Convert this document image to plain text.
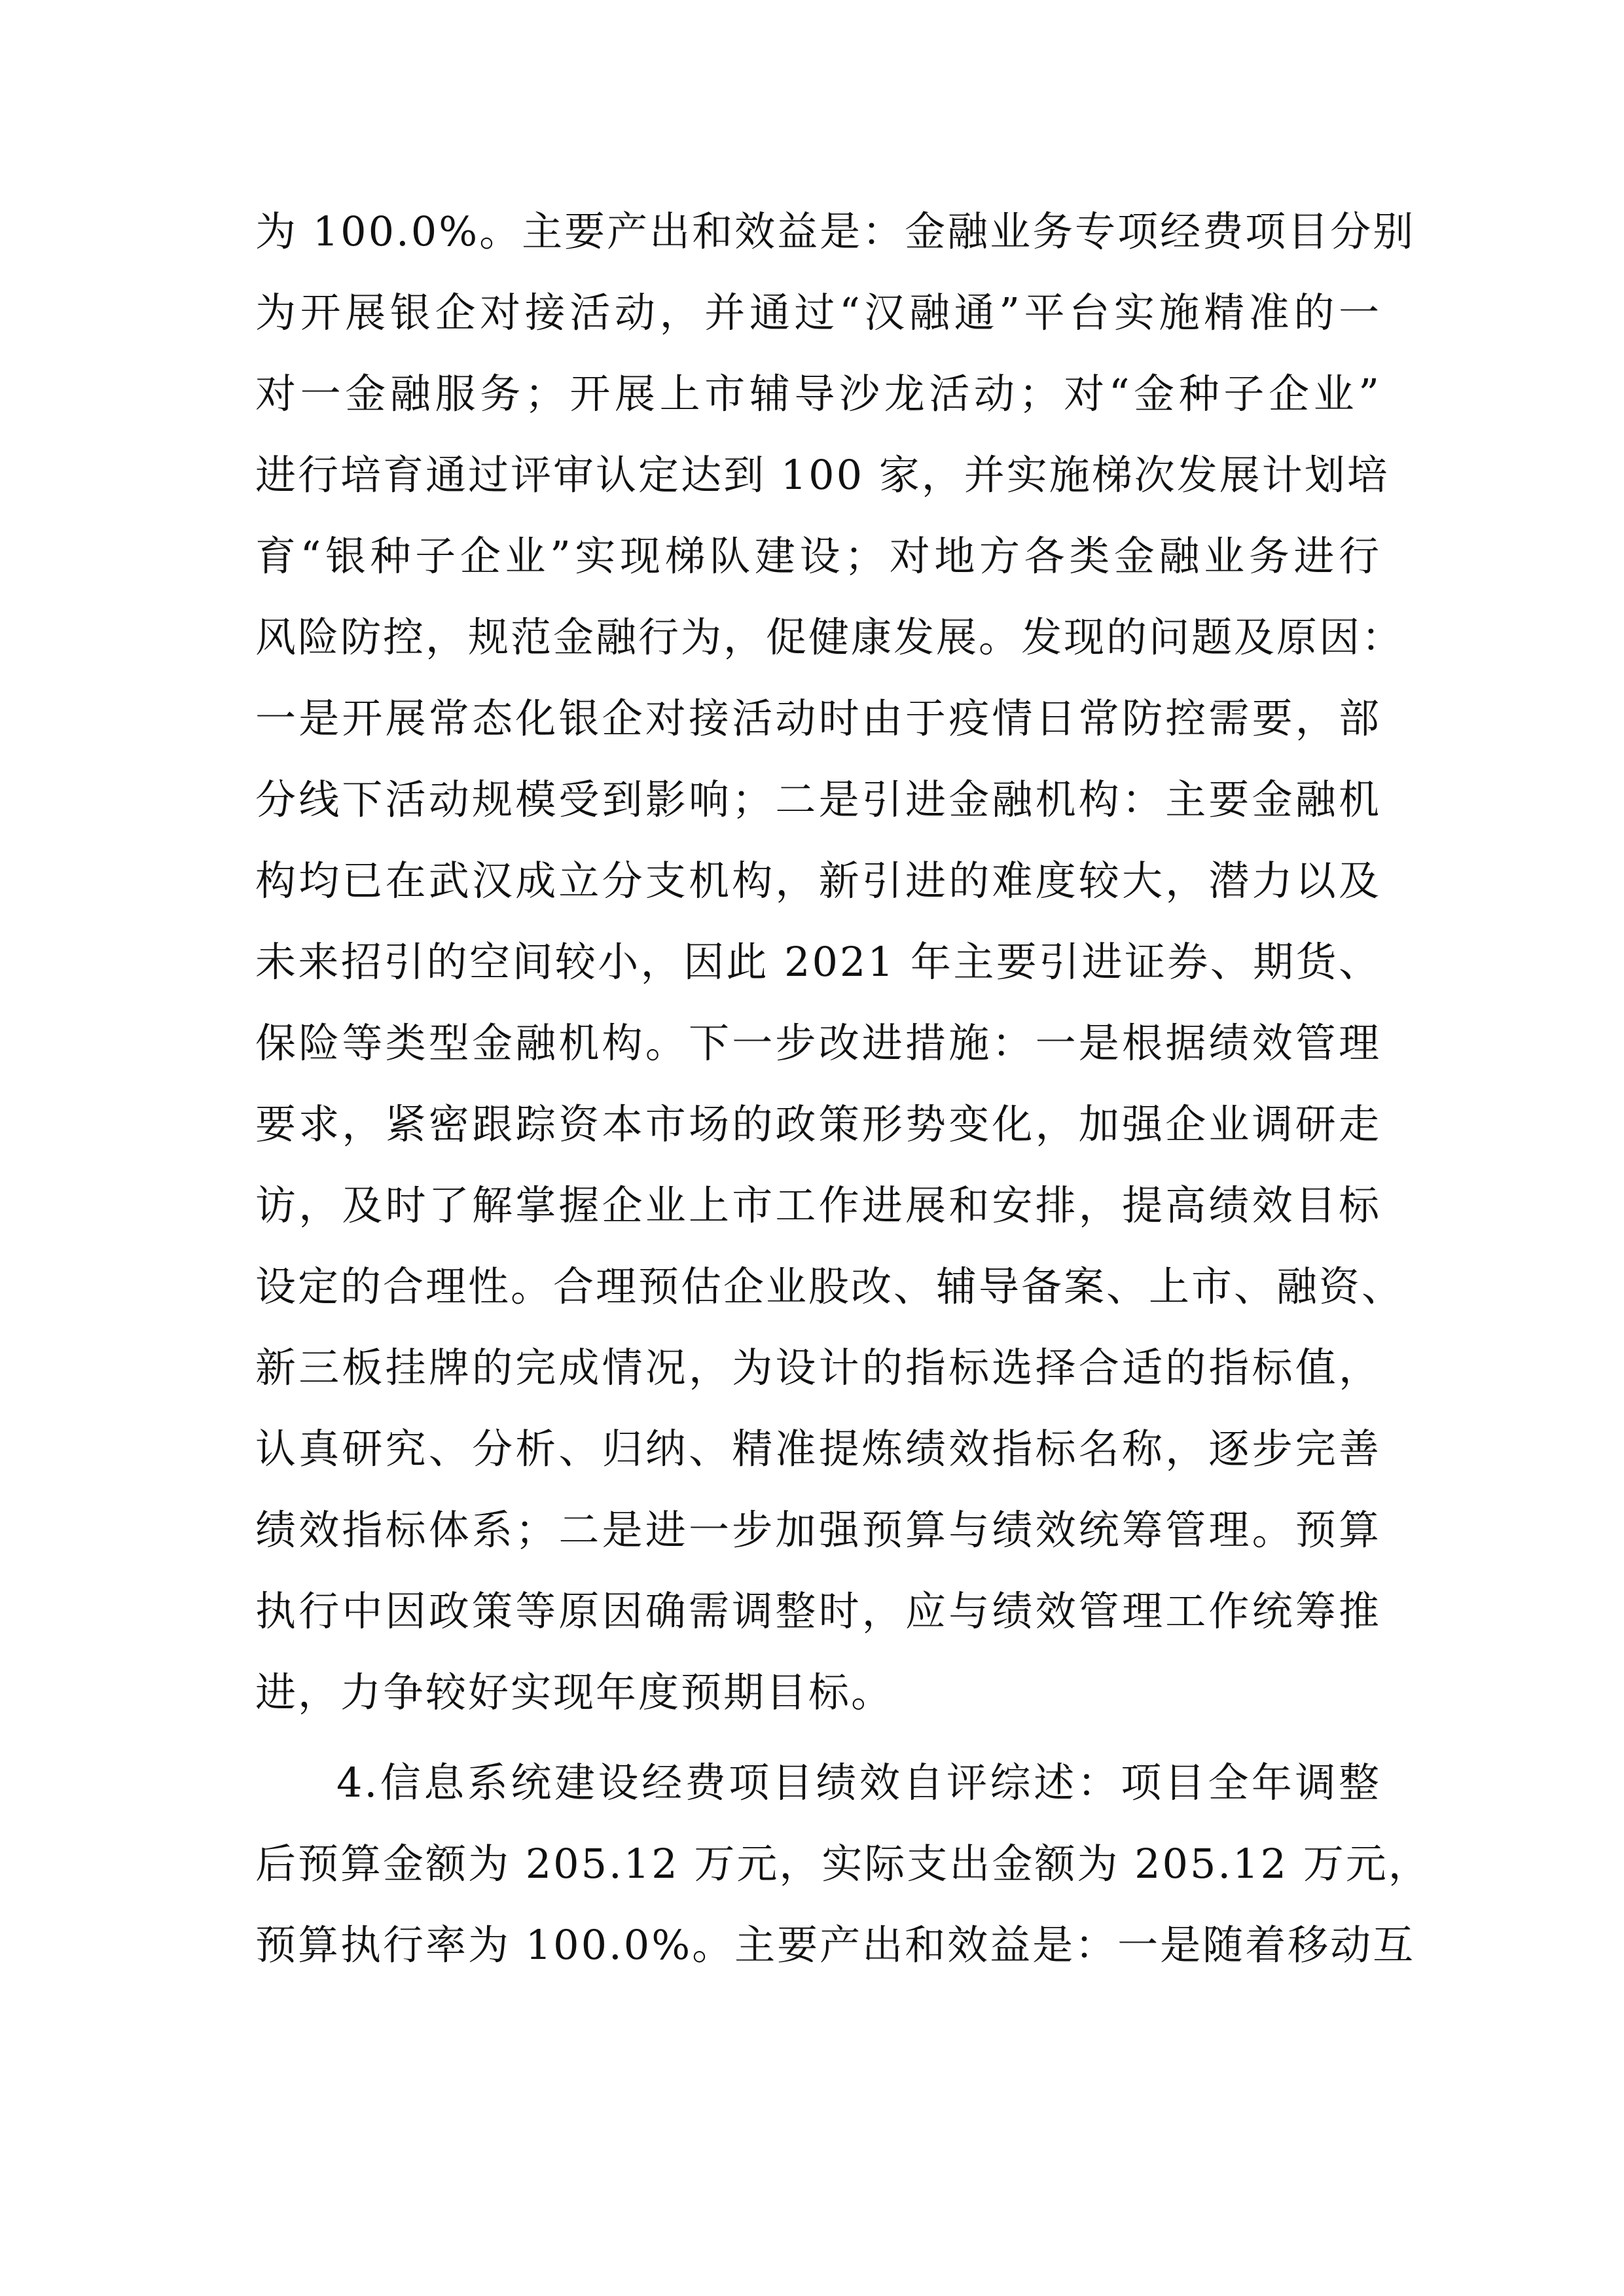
为 100.0%。主要产出和效益是：金融业务专项经费项目分别
为开展银企对接活动，并通过“汉融通”平台实施精准的一
对一金融服务；开展上市辅导沙龙活动；对“金种子企业”
进行培育通过评审认定达到 100 家，并实施梯次发展计划培
育“银种子企业”实现梯队建设；对地方各类金融业务进行
风险防控，规范金融行为，促健康发展。发现的问题及原因：
一是开展常态化银企对接活动时由于疫情日常防控需要，部
分线下活动规模受到影响；二是引进金融机构：主要金融机
构均已在武汉成立分支机构，新引进的难度较大，潜力以及
未来招引的空间较小，因此 2021 年主要引进证券、期货、
保险等类型金融机构。下一步改进措施：一是根据绩效管理
要求，紧密跟踪资本市场的政策形势变化，加强企业调研走
访，及时了解掌握企业上市工作进展和安排，提高绩效目标
设定的合理性。合理预估企业股改、辅导备案、上市、融资、
新三板挂牌的完成情况，为设计的指标选择合适的指标值，
认真研究、分析、归纳、精准提炼绩效指标名称，逐步完善
绩效指标体系；二是进一步加强预算与绩效统筹管理。预算
执行中因政策等原因确需调整时，应与绩效管理工作统筹推
进，力争较好实现年度预期目标。
4.信息系统建设经费项目绩效自评综述：项目全年调整
后预算金额为 205.12 万元，实际支出金额为 205.12 万元，
预算执行率为 100.0%。主要产出和效益是：一是随着移动互
